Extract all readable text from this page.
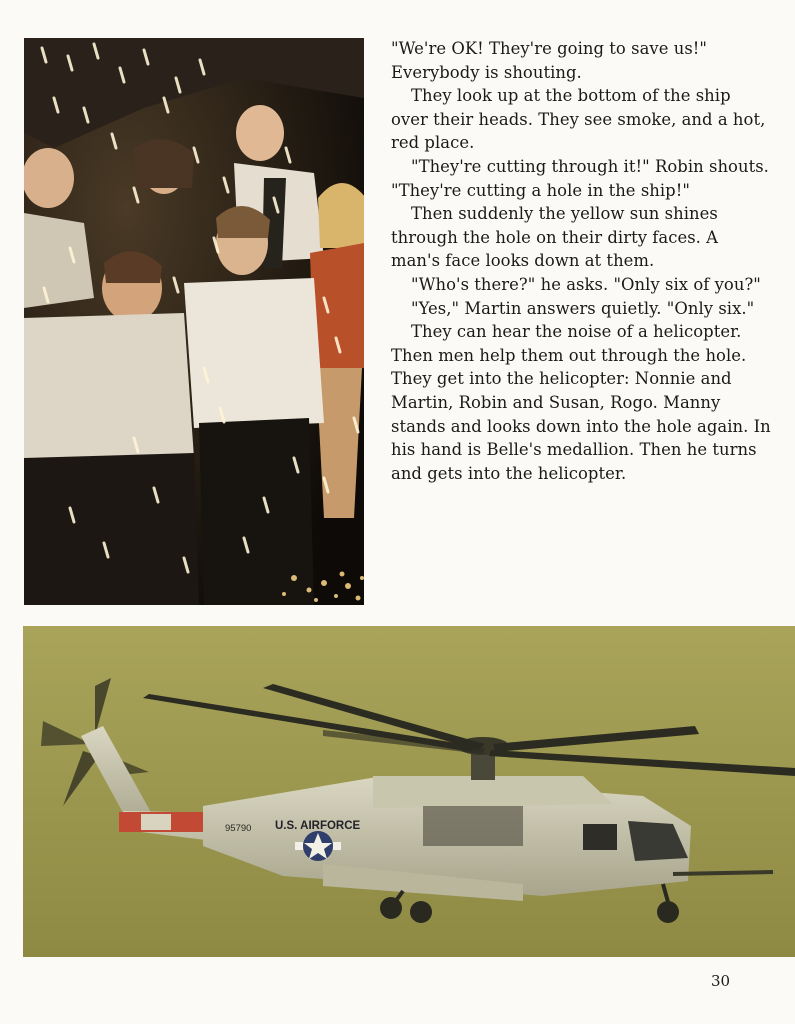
"We're OK! They're going to save us!" Everybody is shouting.

They look up at the bottom of the ship over their heads. They see smoke, and a hot, red place.

"They're cutting through it!" Robin shouts. "They're cutting a hole in the ship!"

Then suddenly the yellow sun shines through the hole on their dirty faces. A man's face looks down at them.

"Who's there?" he asks. "Only six of you?"

"Yes," Martin answers quietly. "Only six."

They can hear the noise of a helicopter. Then men help them out through the hole. They get into the helicopter: Nonnie and Martin, Robin and Susan, Rogo. Manny stands and looks down into the hole again. In his hand is Belle's medallion. Then he turns and gets into the helicopter.

95790 U.S. AIRFORCE
30
